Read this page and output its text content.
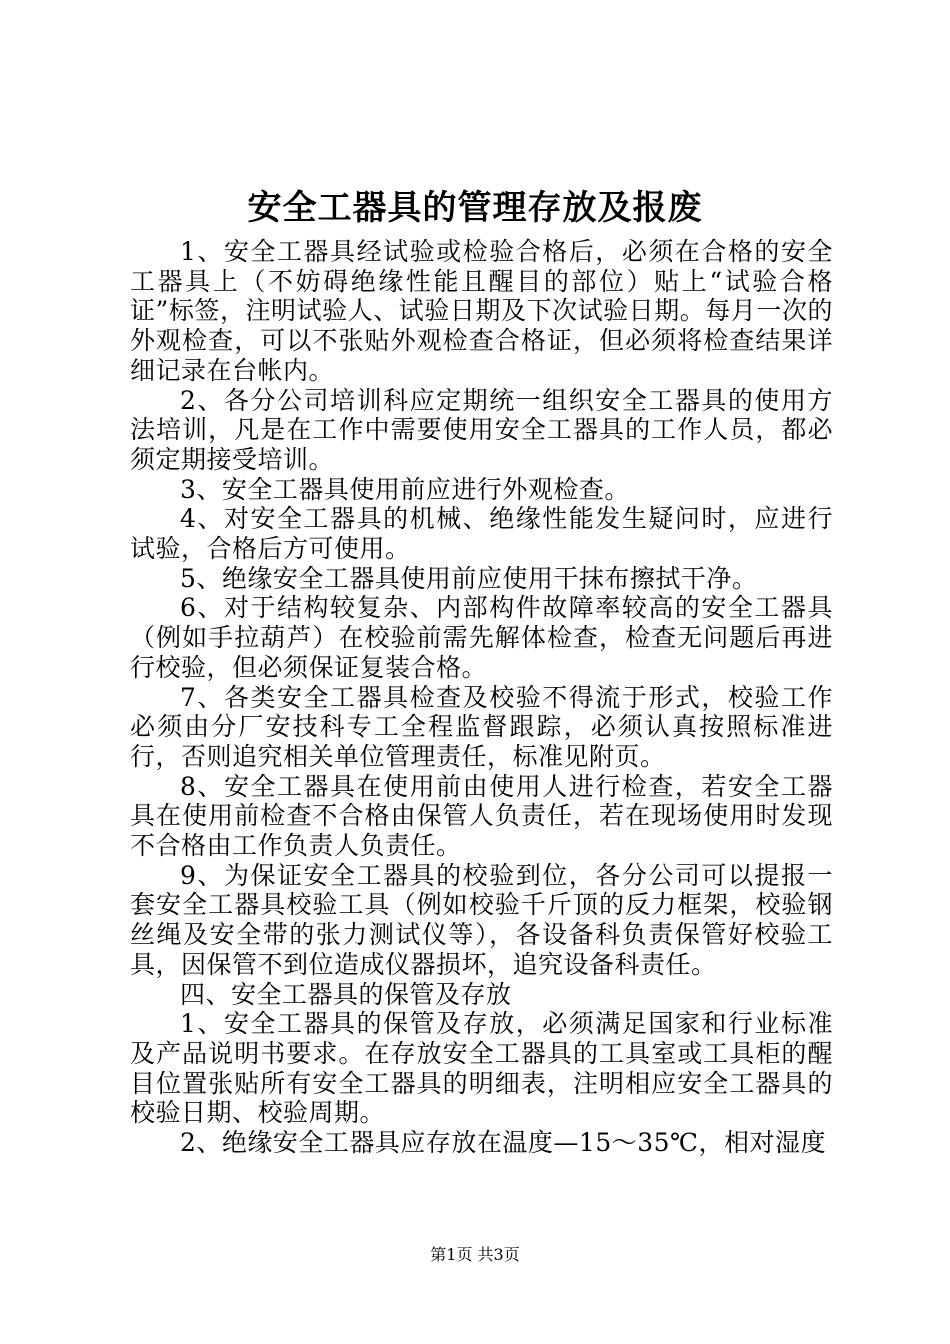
安全工器具的管理存放及报废

1、安全工器具经试验或检验合格后，必须在合格的安全工器具上（不妨碍绝缘性能且醒目的部位）贴上“试验合格证”标签，注明试验人、试验日期及下次试验日期。每月一次的外观检查，可以不张贴外观检查合格证，但必须将检查结果详细记录在台帐内。

2、各分公司培训科应定期统一组织安全工器具的使用方法培训，凡是在工作中需要使用安全工器具的工作人员，都必须定期接受培训。

3、安全工器具使用前应进行外观检查。

4、对安全工器具的机械、绝缘性能发生疑问时，应进行试验，合格后方可使用。

5、绝缘安全工器具使用前应使用干抹布擦拭干净。

6、对于结构较复杂、内部构件故障率较高的安全工器具（例如手拉葫芦）在校验前需先解体检查，检查无问题后再进行校验，但必须保证复装合格。

7、各类安全工器具检查及校验不得流于形式，校验工作必须由分厂安技科专工全程监督跟踪，必须认真按照标准进行，否则追究相关单位管理责任，标准见附页。

8、安全工器具在使用前由使用人进行检查，若安全工器具在使用前检查不合格由保管人负责任，若在现场使用时发现不合格由工作负责人负责任。

9、为保证安全工器具的校验到位，各分公司可以提报一套安全工器具校验工具（例如校验千斤顶的反力框架，校验钢丝绳及安全带的张力测试仪等），各设备科负责保管好校验工具，因保管不到位造成仪器损坏，追究设备科责任。

四、安全工器具的保管及存放

1、安全工器具的保管及存放，必须满足国家和行业标准及产品说明书要求。在存放安全工器具的工具室或工具柜的醒目位置张贴所有安全工器具的明细表，注明相应安全工器具的校验日期、校验周期。

2、绝缘安全工器具应存放在温度—15～35℃，相对湿度

第1页 共3页
